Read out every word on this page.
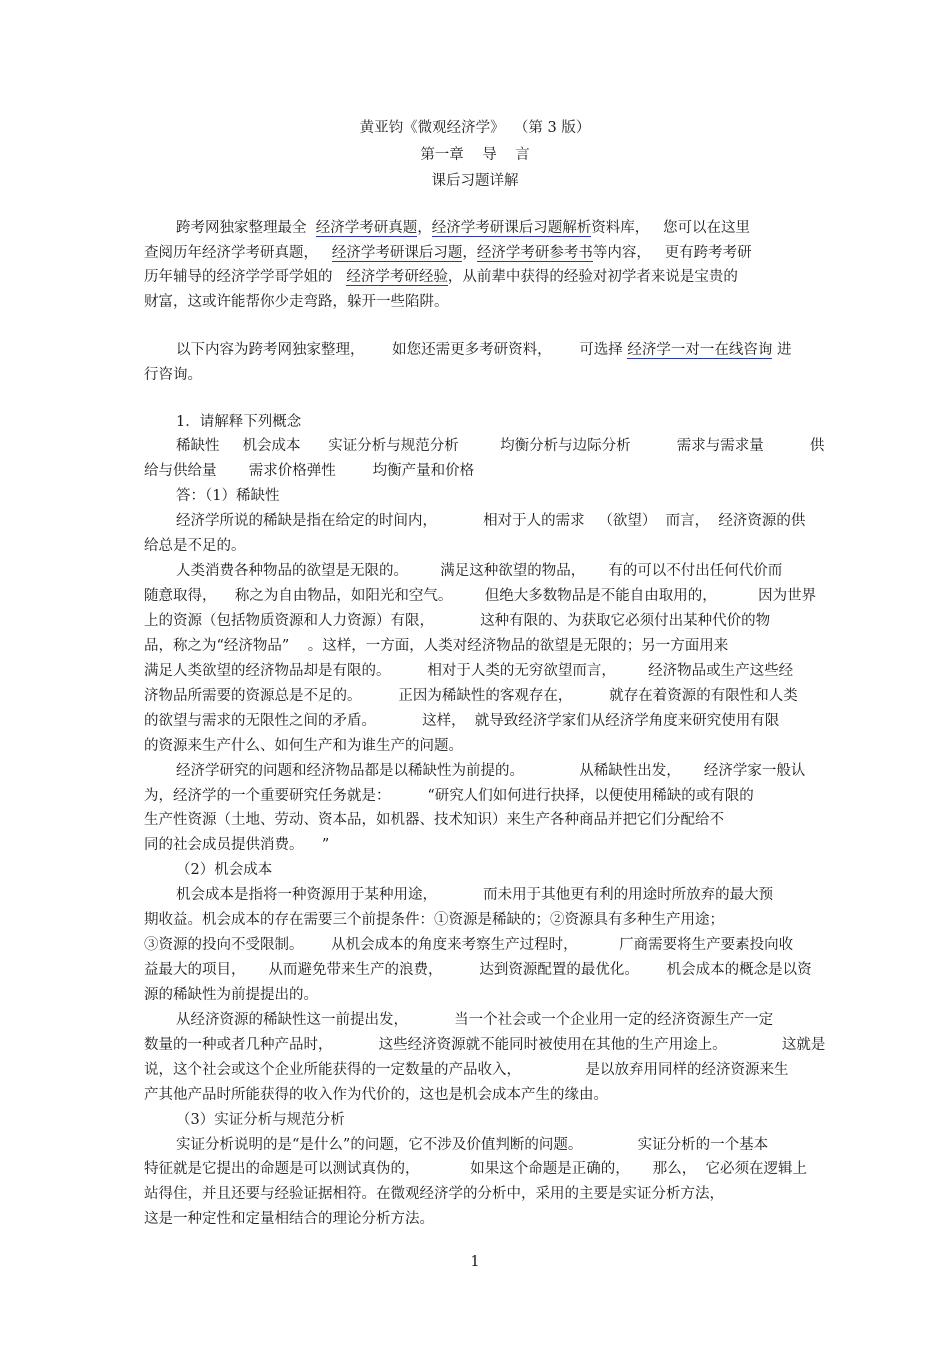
黄亚钧《微观经济学》  （第 3 版）
第一章    导    言
课后习题详解
跨考网独家整理最全 经济学考研真题，经济学考研课后习题解析资料库，   您可以在这里
查阅历年经济学考研真题， 经济学考研课后习题，经济学考研参考书等内容，   更有跨考考研
历年辅导的经济学学哥学姐的 经济学考研经验，从前辈中获得的经验对初学者来说是宝贵的
财富，这或许能帮你少走弯路，躲开一些陷阱。
以下内容为跨考网独家整理，      如您还需更多考研资料，      可选择 经济学一对一在线咨询 进
行咨询。
1．请解释下列概念
稀缺性     机会成本      实证分析与规范分析         均衡分析与边际分析          需求与需求量          供
给与供给量       需求价格弹性        均衡产量和价格
答：（1）稀缺性
经济学所说的稀缺是指在给定的时间内，          相对于人的需求   （欲望）  而言，  经济资源的供
给总是不足的。
人类消费各种物品的欲望是无限的。       满足这种欲望的物品，     有的可以不付出任何代价而
随意取得，    称之为自由物品，如阳光和空气。       但绝大多数物品是不能自由取用的，         因为世界
上的资源（包括物质资源和人力资源）有限，          这种有限的、为获取它必须付出某种代价的物
品，称之为“经济物品”    。这样，一方面，人类对经济物品的欲望是无限的；另一方面用来
满足人类欲望的经济物品却是有限的。        相对于人类的无穷欲望而言，       经济物品或生产这些经
济物品所需要的资源总是不足的。        正因为稀缺性的客观存在，        就存在着资源的有限性和人类
的欲望与需求的无限性之间的矛盾。          这样，  就导致经济学家们从经济学角度来研究使用有限
的资源来生产什么、如何生产和为谁生产的问题。
经济学研究的问题和经济物品都是以稀缺性为前提的。            从稀缺性出发，     经济学家一般认
为，经济学的一个重要研究任务就是：        “研究人们如何进行抉择，以便使用稀缺的或有限的
生产性资源（土地、劳动、资本品，如机器、技术知识）来生产各种商品并把它们分配给不
同的社会成员提供消费。    ”
（2）机会成本
机会成本是指将一种资源用于某种用途，          而未用于其他更有利的用途时所放弃的最大预
期收益。机会成本的存在需要三个前提条件：①资源是稀缺的；②资源具有多种生产用途；
③资源的投向不受限制。      从机会成本的角度来考察生产过程时，         厂商需要将生产要素投向收
益最大的项目，     从而避免带来生产的浪费，        达到资源配置的最优化。      机会成本的概念是以资
源的稀缺性为前提提出的。
从经济资源的稀缺性这一前提出发，          当一个社会或一个企业用一定的经济资源生产一定
数量的一种或者几种产品时，          这些经济资源就不能同时被使用在其他的生产用途上。            这就是
说，这个社会或这个企业所能获得的一定数量的产品收入，              是以放弃用同样的经济资源来生
产其他产品时所能获得的收入作为代价的，这也是机会成本产生的缘由。
（3）实证分析与规范分析
实证分析说明的是“是什么”的问题，它不涉及价值判断的问题。            实证分析的一个基本
特征就是它提出的命题是可以测试真伪的，           如果这个命题是正确的，     那么，  它必须在逻辑上
站得住，并且还要与经验证据相符。在微观经济学的分析中，采用的主要是实证分析方法，
这是一种定性和定量相结合的理论分析方法。
1
